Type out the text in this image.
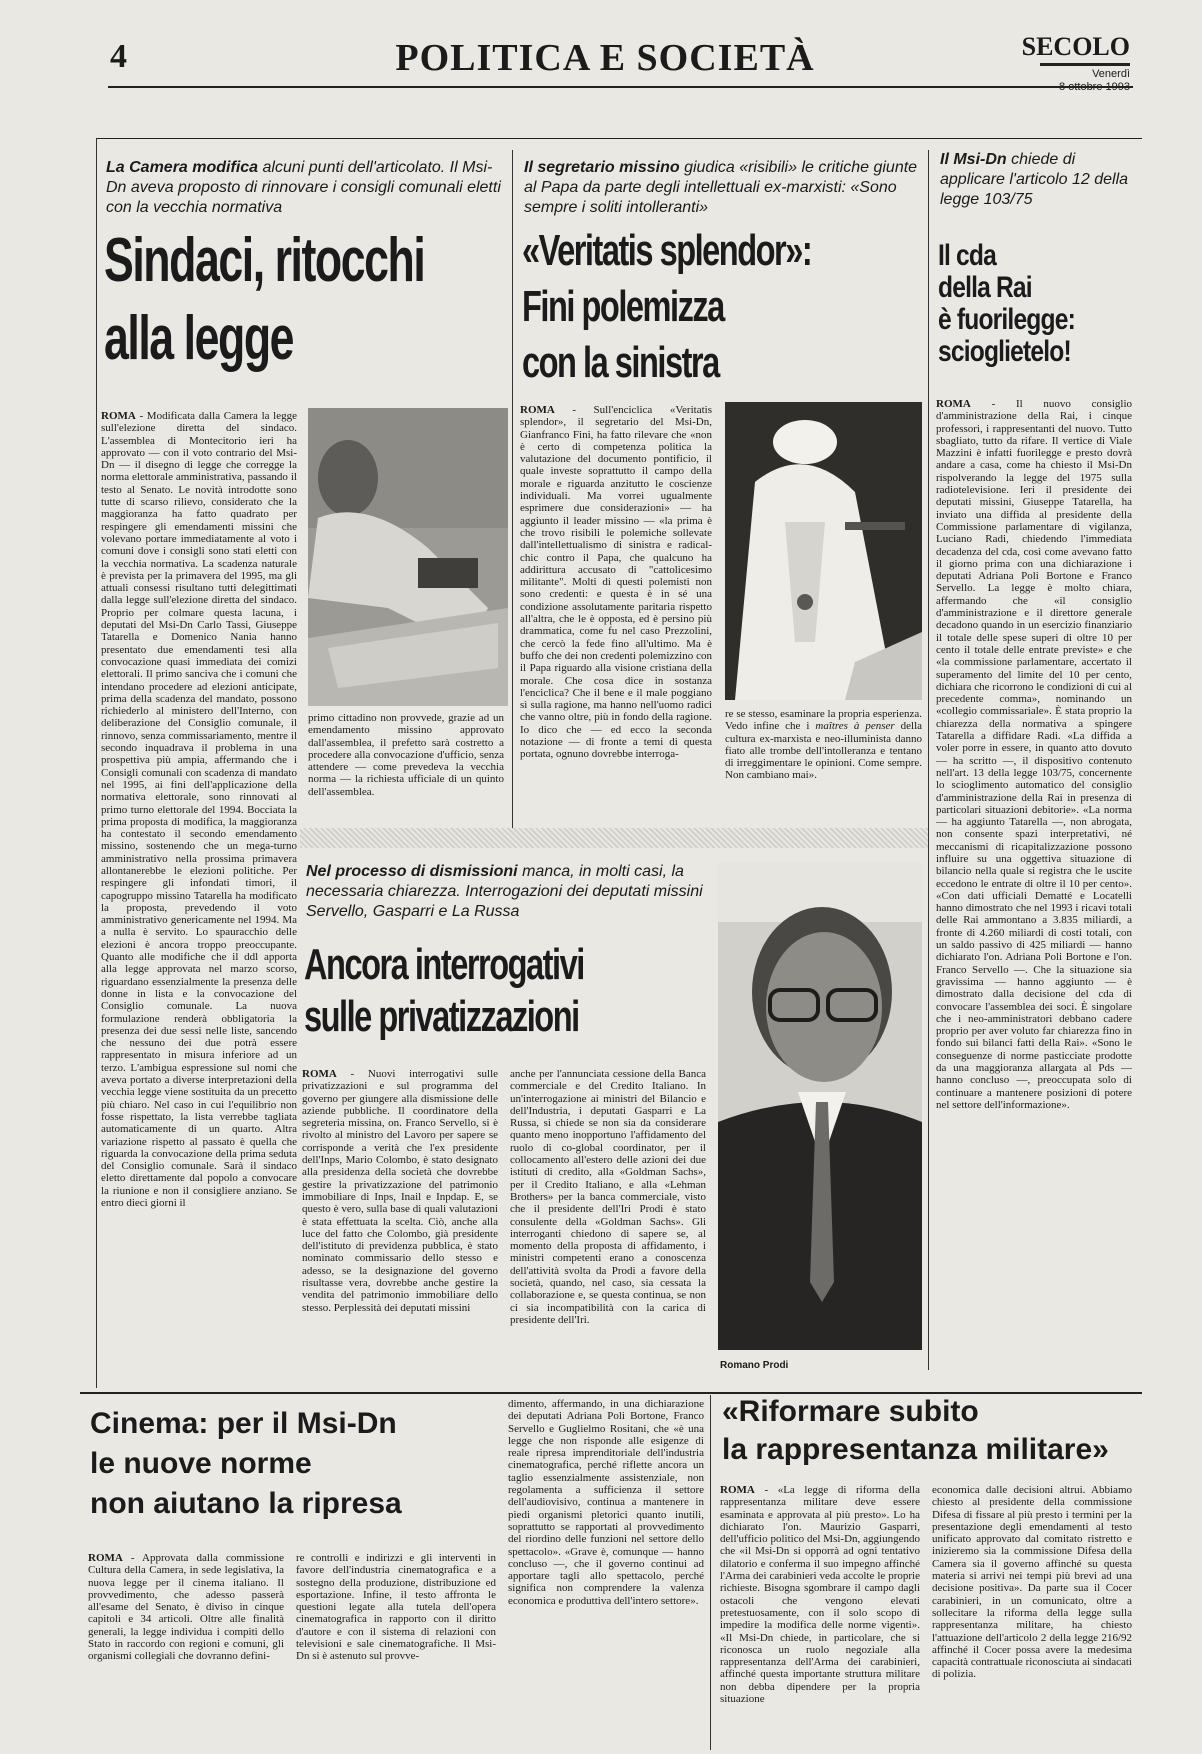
4	POLITICA E SOCIETÀ	SECOLO
Venerdì
La Camera modifica alcuni punti dell'articolato. Il Msi-Dn aveva proposto di rinnovare i consigli comunali eletti con la vecchia normativa
Sindaci, ritocchi
alla legge
ROMA - Modificata dalla Camera la legge sull'elezione diretta del sindaco. L'assemblea di Montecitorio ieri ha approvato — con il voto contrario del Msi-Dn — il disegno di legge che corregge la norma elettorale amministrativa, passando il testo al Senato. Le novità introdotte sono tutte di scarso rilievo, considerato che la maggioranza ha fatto quadrato per respingere gli emendamenti missini che volevano portare immediatamente al voto i comuni dove i consigli sono stati eletti con la vecchia normativa. La scadenza naturale è prevista per la primavera del 1995, ma gli attuali consessi risultano tutti delegittimati dalla legge sull'elezione diretta del sindaco. Proprio per colmare questa lacuna, i deputati del Msi-Dn Carlo Tassi, Giuseppe Tatarella e Domenico Nania hanno presentato due emendamenti tesi alla convocazione quasi immediata dei comizi elettorali. Il primo sanciva che i comuni che intendano procedere ad elezioni anticipate, prima della scadenza del mandato, possono richiederlo al ministero dell'Interno, con deliberazione del Consiglio comunale, il rinnovo, senza commissariamento, mentre il secondo inquadrava il problema in una prospettiva più ampia, affermando che i Consigli comunali con scadenza di mandato nel 1995, ai fini dell'applicazione della normativa elettorale, sono rinnovati al primo turno elettorale del 1994. Bocciata la prima proposta di modifica, la maggioranza ha contestato il secondo emendamento missino, sostenendo che un mega-turno amministrativo nella prossima primavera allontanerebbe le elezioni politiche. Per respingere gli infondati timori, il capogruppo missino Tatarella ha modificato la proposta, prevedendo il voto amministrativo genericamente nel 1994. Ma a nulla è servito. Lo spauracchio delle elezioni è ancora troppo preoccupante. Quanto alle modifiche che il ddl apporta alla legge approvata nel marzo scorso, riguardano essenzialmente la presenza delle donne in lista e la convocazione del Consiglio comunale. La nuova formulazione renderà obbligatoria la presenza dei due sessi nelle liste, sancendo che nessuno dei due potrà essere rappresentato in misura inferiore ad un terzo. L'ambigua espressione sul nomi che aveva portato a diverse interpretazioni della vecchia legge viene sostituita da un precetto più chiaro. Nel caso in cui l'equilibrio non fosse rispettato, la lista verrebbe tagliata automaticamente di un quarto. Altra variazione rispetto al passato è quella che riguarda la convocazione della prima seduta del Consiglio comunale. Sarà il sindaco eletto direttamente dal popolo a convocare la riunione e non il consigliere anziano. Se entro dieci giorni il
primo cittadino non provvede, grazie ad un emendamento missino approvato dall'assemblea, il prefetto sarà costretto a procedere alla convocazione d'ufficio, senza attendere — come prevedeva la vecchia norma — la richiesta ufficiale di un quinto dell'assemblea.
Il segretario missino giudica «risibili» le critiche giunte al Papa da parte degli intellettuali ex-marxisti: «Sono sempre i soliti intolleranti»
«Veritatis splendor»:
Fini polemizza
con la sinistra
ROMA - Sull'enciclica «Veritatis splendor», il segretario del Msi-Dn, Gianfranco Fini, ha fatto rilevare che «non è certo di competenza politica la valutazione del documento pontificio, il quale investe soprattutto il campo della morale e riguarda anzitutto le coscienze individuali. Ma vorrei ugualmente esprimere due considerazioni» — ha aggiunto il leader missino — «la prima è che trovo risibili le polemiche sollevate dall'intellettualismo di sinistra e radical-chic contro il Papa, che qualcuno ha addirittura accusato di "cattolicesimo militante". Molti di questi polemisti non sono credenti: e questa è in sé una condizione assolutamente paritaria rispetto all'altra, che le è opposta, ed è persino più drammatica, come fu nel caso Prezzolini, che cercò la fede fino all'ultimo. Ma è buffo che dei non credenti polemizzino con il Papa riguardo alla visione cristiana della morale. Che cosa dice in sostanza l'enciclica? Che il bene e il male poggiano sì sulla ragione, ma hanno nell'uomo radici che vanno oltre, più in fondo della ragione. Io dico che — ed ecco la seconda notazione — di fronte a temi di questa portata, ognuno dovrebbe interroga-
re se stesso, esaminare la propria esperienza. Vedo infine che i maîtres à penser della cultura ex-marxista e neo-illuminista danno fiato alle trombe dell'intolleranza e tentano di irreggimentare le opinioni. Come sempre. Non cambiano mai».
Il Msi-Dn chiede di applicare l'articolo 12 della legge 103/75
Il cda
della Rai
è fuorilegge:
scioglietelo!
ROMA - Il nuovo consiglio d'amministrazione della Rai, i cinque professori, i rappresentanti del nuovo. Tutto sbagliato, tutto da rifare. Il vertice di Viale Mazzini è infatti fuorilegge e presto dovrà andare a casa, come ha chiesto il Msi-Dn rispolverando la legge del 1975 sulla radiotelevisione. Ieri il presidente dei deputati missini, Giuseppe Tatarella, ha inviato una diffida al presidente della Commissione parlamentare di vigilanza, Luciano Radi, chiedendo l'immediata decadenza del cda, così come avevano fatto il giorno prima con una dichiarazione i deputati Adriana Poli Bortone e Franco Servello. La legge è molto chiara, affermando che «il consiglio d'amministrazione e il direttore generale decadono quando in un esercizio finanziario il totale delle spese superi di oltre 10 per cento il totale delle entrate previste» e che «la commissione parlamentare, accertato il superamento del limite del 10 per cento, dichiara che ricorrono le condizioni di cui al precedente comma», nominando un «collegio commissariale». È stata proprio la chiarezza della normativa a spingere Tatarella a diffidare Radi. «La diffida a voler porre in essere, in quanto atto dovuto — ha scritto —, il dispositivo contenuto nell'art. 13 della legge 103/75, concernente lo scioglimento automatico del consiglio d'amministrazione della Rai in presenza di particolari situazioni debitorie». «La norma — ha aggiunto Tatarella —, non abrogata, non consente spazi interpretativi, né meccanismi di ricapitalizzazione possono influire su una oggettiva situazione di bilancio nella quale si registra che le uscite eccedono le entrate di oltre il 10 per cento». «Con dati ufficiali Dematté e Locatelli hanno dimostrato che nel 1993 i ricavi totali delle Rai ammontano a 3.835 miliardi, a fronte di 4.260 miliardi di costi totali, con un saldo passivo di 425 miliardi — hanno dichiarato l'on. Adriana Poli Bortone e l'on. Franco Servello —. Che la situazione sia gravissima — hanno aggiunto — è dimostrato dalla decisione del cda di convocare l'assemblea dei soci. È singolare che i neo-amministratori debbano cadere proprio per aver voluto far chiarezza fino in fondo sui bilanci fatti della Rai». «Sono le conseguenze di norme pasticciate prodotte da una maggioranza allargata al Pds — hanno concluso —, preoccupata solo di continuare a mantenere posizioni di potere nel settore dell'informazione».
Nel processo di dismissioni manca, in molti casi, la necessaria chiarezza. Interrogazioni dei deputati missini Servello, Gasparri e La Russa
Ancora interrogativi
sulle privatizzazioni
ROMA - Nuovi interrogativi sulle privatizzazioni e sul programma del governo per giungere alla dismissione delle aziende pubbliche. Il coordinatore della segreteria missina, on. Franco Servello, si è rivolto al ministro del Lavoro per sapere se corrisponde a verità che l'ex presidente dell'Inps, Mario Colombo, è stato designato alla presidenza della società che dovrebbe gestire la privatizzazione del patrimonio immobiliare di Inps, Inail e Inpdap. E, se questo è vero, sulla base di quali valutazioni è stata effettuata la scelta. Ciò, anche alla luce del fatto che Colombo, già presidente dell'istituto di previdenza pubblica, è stato nominato commissario dello stesso e adesso, se la designazione del governo risultasse vera, dovrebbe anche gestire la vendita del patrimonio immobiliare dello stesso. Perplessità dei deputati missini
anche per l'annunciata cessione della Banca commerciale e del Credito Italiano. In un'interrogazione ai ministri del Bilancio e dell'Industria, i deputati Gasparri e La Russa, si chiede se non sia da considerare quanto meno inopportuno l'affidamento del ruolo di co-global coordinator, per il collocamento all'estero delle azioni dei due istituti di credito, alla «Goldman Sachs», per il Credito Italiano, e alla «Lehman Brothers» per la banca commerciale, visto che il presidente dell'Iri Prodi è stato consulente della «Goldman Sachs». Gli interroganti chiedono di sapere se, al momento della proposta di affidamento, i ministri competenti erano a conoscenza dell'attività svolta da Prodi a favore della società, quando, nel caso, sia cessata la collaborazione e, se questa continua, se non ci sia incompatibilità con la carica di presidente dell'Iri.
Romano Prodi
Cinema: per il Msi-Dn
le nuove norme
non aiutano la ripresa
ROMA - Approvata dalla commissione Cultura della Camera, in sede legislativa, la nuova legge per il cinema italiano. Il provvedimento, che adesso passerà all'esame del Senato, è diviso in cinque capitoli e 34 articoli. Oltre alle finalità generali, la legge individua i compiti dello Stato in raccordo con regioni e comuni, gli organismi collegiali che dovranno defini-
re controlli e indirizzi e gli interventi in favore dell'industria cinematografica e a sostegno della produzione, distribuzione ed esportazione. Infine, il testo affronta le questioni legate alla tutela dell'opera cinematografica in rapporto con il diritto d'autore e con il sistema di relazioni con televisioni e sale cinematografiche. Il Msi-Dn si è astenuto sul provve-
dimento, affermando, in una dichiarazione dei deputati Adriana Poli Bortone, Franco Servello e Guglielmo Rositani, che «è una legge che non risponde alle esigenze di reale ripresa imprenditoriale dell'industria cinematografica, perché riflette ancora un taglio essenzialmente assistenziale, non regolamenta a sufficienza il settore dell'audiovisivo, continua a mantenere in piedi organismi pletorici quanto inutili, soprattutto se rapportati al provvedimento del riordino delle funzioni nel settore dello spettacolo». «Grave è, comunque — hanno concluso —, che il governo continui ad apportare tagli allo spettacolo, perché significa non comprendere la valenza economica e produttiva dell'intero settore».
«Riformare subito
la rappresentanza militare»
ROMA - «La legge di riforma della rappresentanza militare deve essere esaminata e approvata al più presto». Lo ha dichiarato l'on. Maurizio Gasparri, dell'ufficio politico del Msi-Dn, aggiungendo che «il Msi-Dn si opporrà ad ogni tentativo dilatorio e conferma il suo impegno affinché l'Arma dei carabinieri veda accolte le proprie richieste. Bisogna sgombrare il campo dagli ostacoli che vengono elevati pretestuosamente, con il solo scopo di impedire la modifica delle norme vigenti». «Il Msi-Dn chiede, in particolare, che si riconosca un ruolo negoziale alla rappresentanza dell'Arma dei carabinieri, affinché questa importante struttura militare non debba dipendere per la propria situazione
economica dalle decisioni altrui. Abbiamo chiesto al presidente della commissione Difesa di fissare al più presto i termini per la presentazione degli emendamenti al testo unificato approvato dal comitato ristretto e inizieremo sia la commissione Difesa della Camera sia il governo affinché su questa materia si arrivi nei tempi più brevi ad una decisione positiva». Da parte sua il Cocer carabinieri, in un comunicato, oltre a sollecitare la riforma della legge sulla rappresentanza militare, ha chiesto l'attuazione dell'articolo 2 della legge 216/92 affinché il Cocer possa avere la medesima capacità contrattuale riconosciuta ai sindacati di polizia.
